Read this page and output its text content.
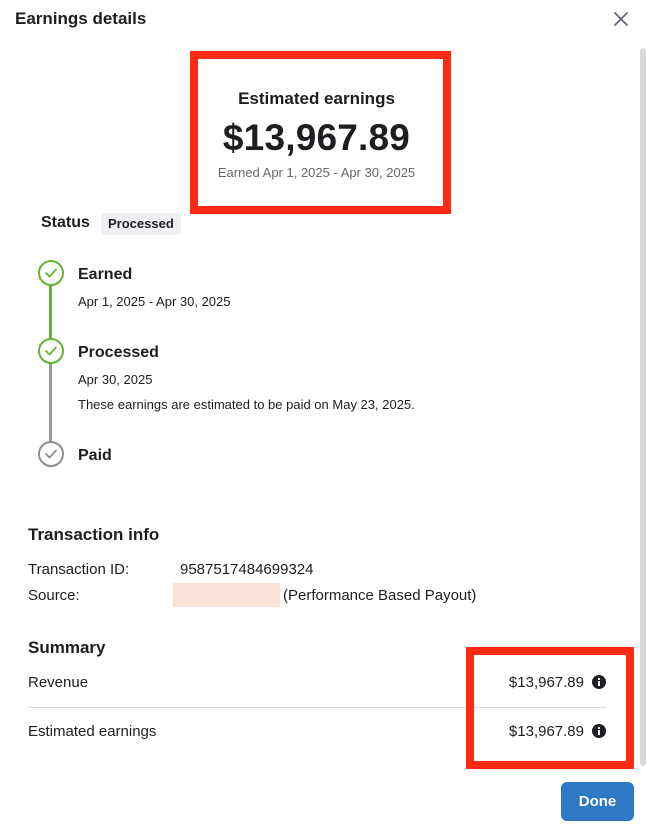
Earnings details
Estimated earnings
$13,967.89
Earned Apr 1, 2025 - Apr 30, 2025
Status	Processed
Earned
Apr 1, 2025 - Apr 30, 2025
Processed
Apr 30, 2025
These earnings are estimated to be paid on May 23, 2025.
Paid
Transaction info
Transaction ID:	9587517484699324
Source:	(Performance Based Payout)
Summary
Revenue	$13,967.89
Estimated earnings	$13,967.89
Done
